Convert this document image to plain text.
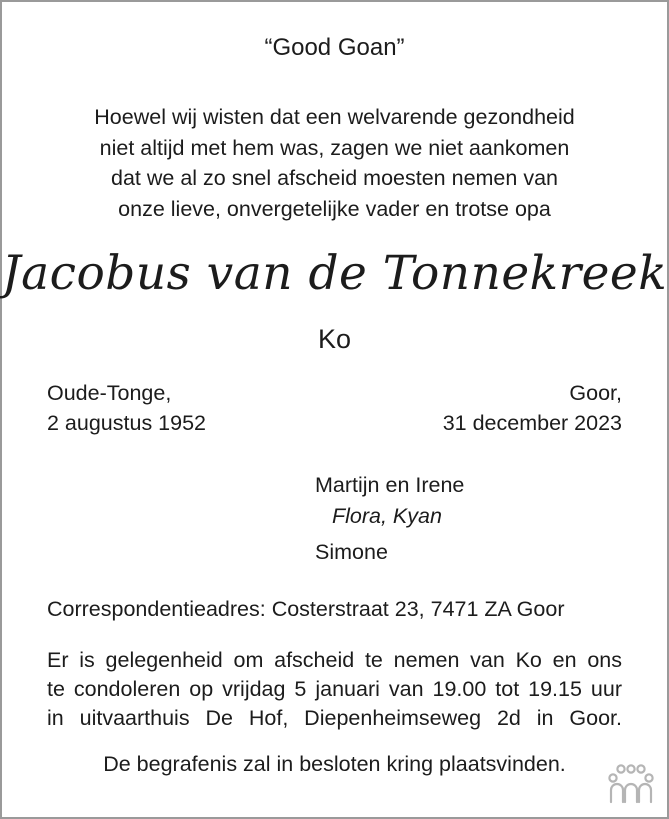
“Good Goan”
Hoewel wij wisten dat een welvarende gezondheid
niet altijd met hem was, zagen we niet aankomen
dat we al zo snel afscheid moesten nemen van
onze lieve, onvergetelijke vader en trotse opa
Jacobus van de Tonnekreek
Ko
Oude-Tonge,
2 augustus 1952
Goor,
31 december 2023
Martijn en Irene
Flora, Kyan
Simone
Correspondentieadres: Costerstraat 23, 7471 ZA Goor
Er is gelegenheid om afscheid te nemen van Ko en ons
te condoleren op vrijdag 5 januari van 19.00 tot 19.15 uur
in uitvaarthuis De Hof, Diepenheimseweg 2d in Goor.
De begrafenis zal in besloten kring plaatsvinden.
